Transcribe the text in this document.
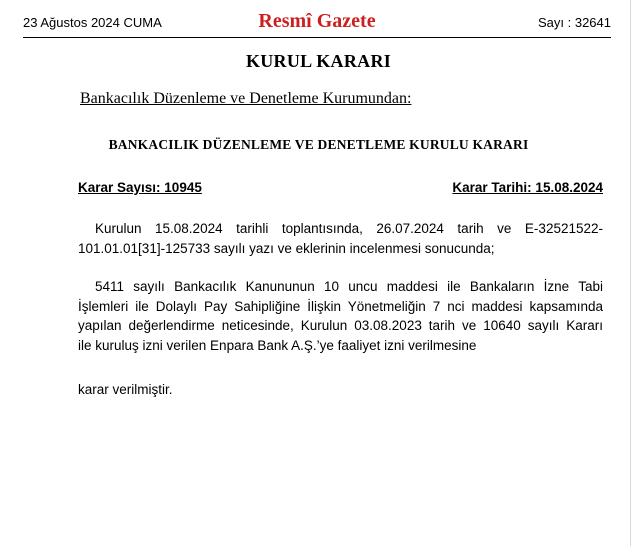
23 Ağustos 2024 CUMA	Resmî Gazete	Sayı : 32641
KURUL KARARI
Bankacılık Düzenleme ve Denetleme Kurumundan:
BANKACILIK DÜZENLEME VE DENETLEME KURULU KARARI
Karar Sayısı: 10945	Karar Tarihi: 15.08.2024
Kurulun 15.08.2024 tarihli toplantısında, 26.07.2024 tarih ve E-32521522-
101.01.01[31]-125733 sayılı yazı ve eklerinin incelenmesi sonucunda;
5411 sayılı Bankacılık Kanununun 10 uncu maddesi ile Bankaların İzne Tabi
İşlemleri ile Dolaylı Pay Sahipliğine İlişkin Yönetmeliğin 7 nci maddesi kapsamında
yapılan değerlendirme neticesinde, Kurulun 03.08.2023 tarih ve 10640 sayılı Kararı
ile kuruluş izni verilen Enpara Bank A.Ş.’ye faaliyet izni verilmesine
karar verilmiştir.
